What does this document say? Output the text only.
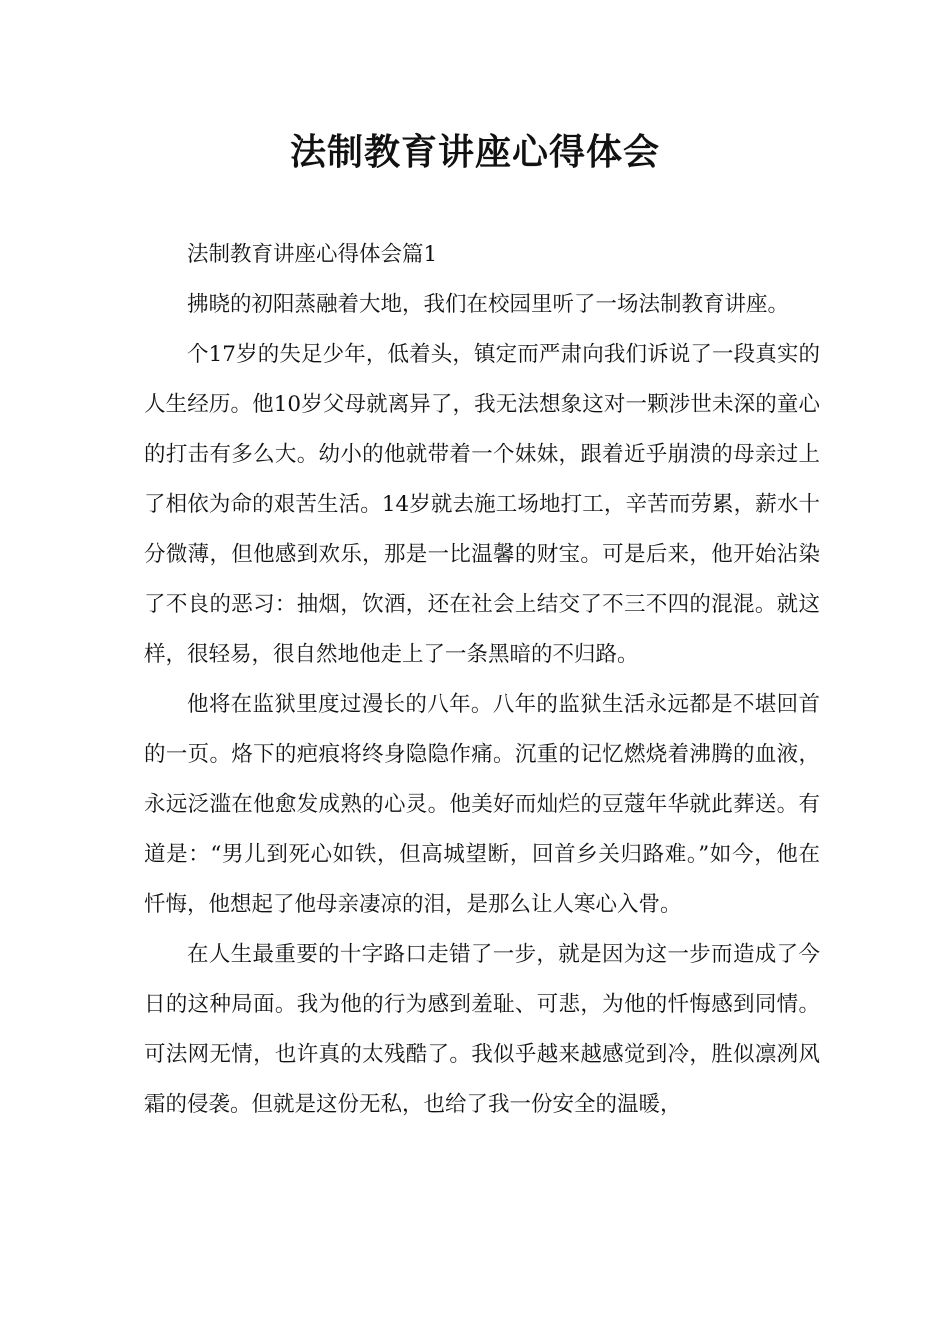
法制教育讲座心得体会

法制教育讲座心得体会篇1

拂晓的初阳蒸融着大地，我们在校园里听了一场法制教育讲座。

个17岁的失足少年，低着头，镇定而严肃向我们诉说了一段真实的人生经历。他10岁父母就离异了，我无法想象这对一颗涉世未深的童心的打击有多么大。幼小的他就带着一个妹妹，跟着近乎崩溃的母亲过上了相依为命的艰苦生活。14岁就去施工场地打工，辛苦而劳累，薪水十分微薄，但他感到欢乐，那是一比温馨的财宝。可是后来，他开始沾染了不良的恶习：抽烟，饮酒，还在社会上结交了不三不四的混混。就这样，很轻易，很自然地他走上了一条黑暗的不归路。

他将在监狱里度过漫长的八年。八年的监狱生活永远都是不堪回首的一页。烙下的疤痕将终身隐隐作痛。沉重的记忆燃烧着沸腾的血液，永远泛滥在他愈发成熟的心灵。他美好而灿烂的豆蔻年华就此葬送。有道是：“男儿到死心如铁，但高城望断，回首乡关归路难。”如今，他在忏悔，他想起了他母亲凄凉的泪，是那么让人寒心入骨。

在人生最重要的十字路口走错了一步，就是因为这一步而造成了今日的这种局面。我为他的行为感到羞耻、可悲，为他的忏悔感到同情。可法网无情，也许真的太残酷了。我似乎越来越感觉到冷，胜似凛冽风霜的侵袭。但就是这份无私，也给了我一份安全的温暖，
